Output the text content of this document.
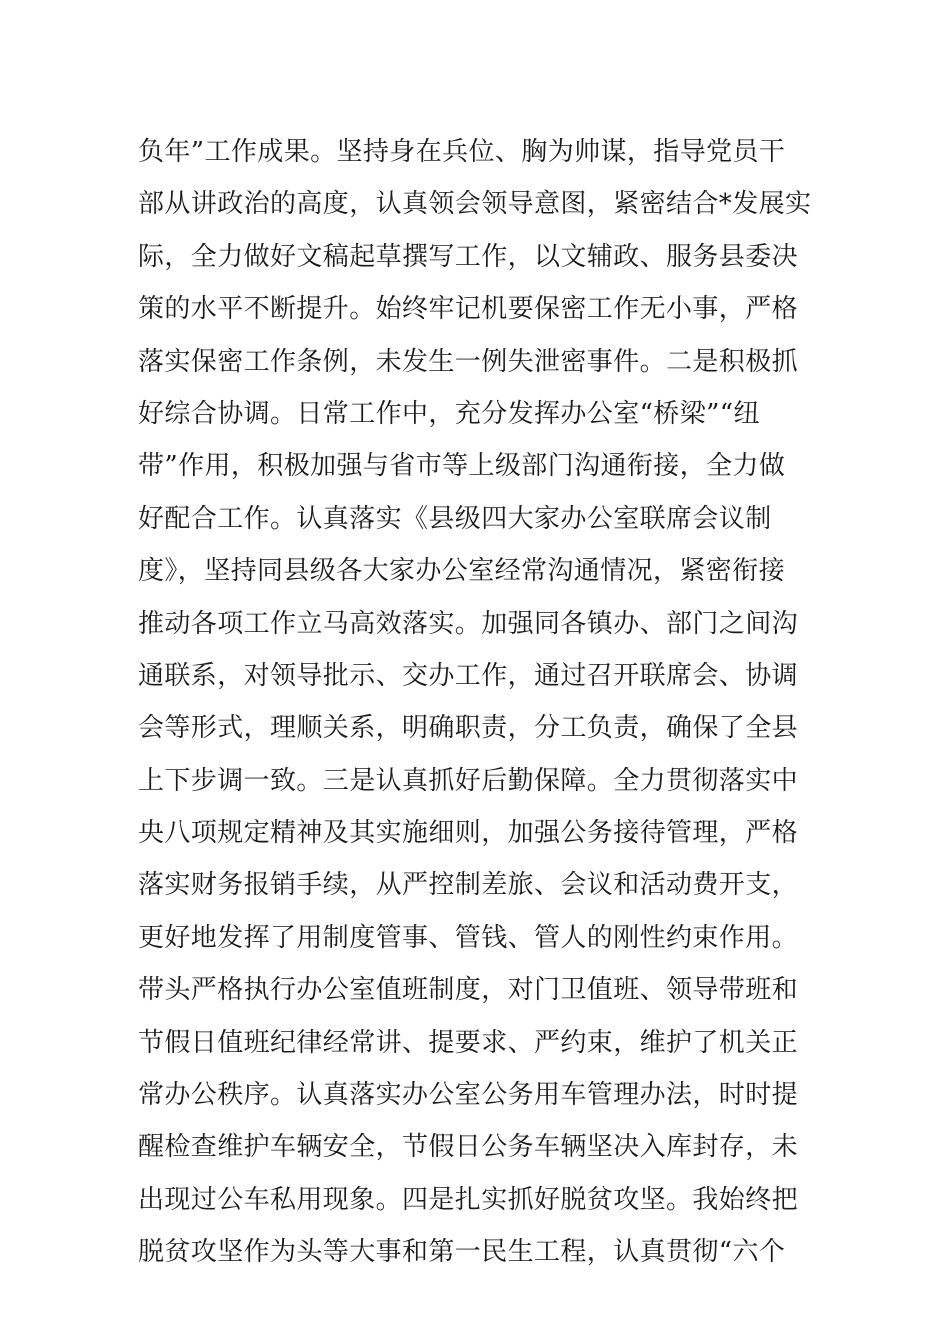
负年”工作成果。坚持身在兵位、胸为帅谋，指导党员干
部从讲政治的高度，认真领会领导意图，紧密结合*发展实
际，全力做好文稿起草撰写工作，以文辅政、服务县委决
策的水平不断提升。始终牢记机要保密工作无小事，严格
落实保密工作条例，未发生一例失泄密事件。二是积极抓
好综合协调。日常工作中，充分发挥办公室“桥梁”“纽
带”作用，积极加强与省市等上级部门沟通衔接，全力做
好配合工作。认真落实《县级四大家办公室联席会议制
度》，坚持同县级各大家办公室经常沟通情况，紧密衔接
推动各项工作立马高效落实。加强同各镇办、部门之间沟
通联系，对领导批示、交办工作，通过召开联席会、协调
会等形式，理顺关系，明确职责，分工负责，确保了全县
上下步调一致。三是认真抓好后勤保障。全力贯彻落实中
央八项规定精神及其实施细则，加强公务接待管理，严格
落实财务报销手续，从严控制差旅、会议和活动费开支，
更好地发挥了用制度管事、管钱、管人的刚性约束作用。
带头严格执行办公室值班制度，对门卫值班、领导带班和
节假日值班纪律经常讲、提要求、严约束，维护了机关正
常办公秩序。认真落实办公室公务用车管理办法，时时提
醒检查维护车辆安全，节假日公务车辆坚决入库封存，未
出现过公车私用现象。四是扎实抓好脱贫攻坚。我始终把
脱贫攻坚作为头等大事和第一民生工程，认真贯彻“六个
